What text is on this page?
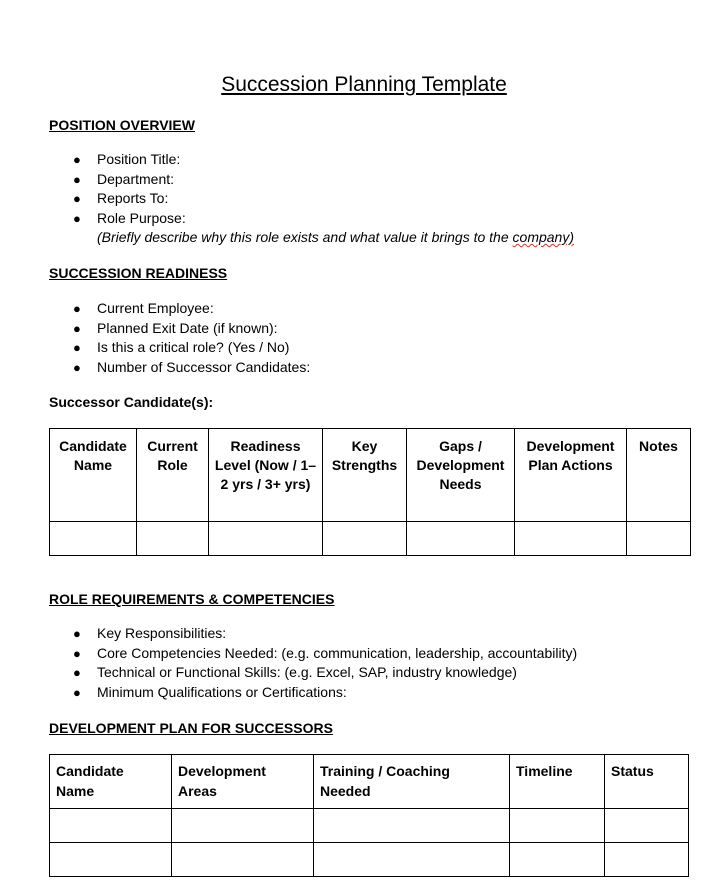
Succession Planning Template
POSITION OVERVIEW
● Position Title:
● Department:
● Reports To:
● Role Purpose:
(Briefly describe why this role exists and what value it brings to the company)
SUCCESSION READINESS
● Current Employee:
● Planned Exit Date (if known):
● Is this a critical role? (Yes / No)
● Number of Successor Candidates:
Successor Candidate(s):
Candidate Name	Current Role	Readiness Level (Now / 1–2 yrs / 3+ yrs)	Key Strengths	Gaps / Development Needs	Development Plan Actions	Notes

ROLE REQUIREMENTS & COMPETENCIES
● Key Responsibilities:
● Core Competencies Needed: (e.g. communication, leadership, accountability)
● Technical or Functional Skills: (e.g. Excel, SAP, industry knowledge)
● Minimum Qualifications or Certifications:
DEVELOPMENT PLAN FOR SUCCESSORS
Candidate Name	Development Areas	Training / Coaching Needed	Timeline	Status
